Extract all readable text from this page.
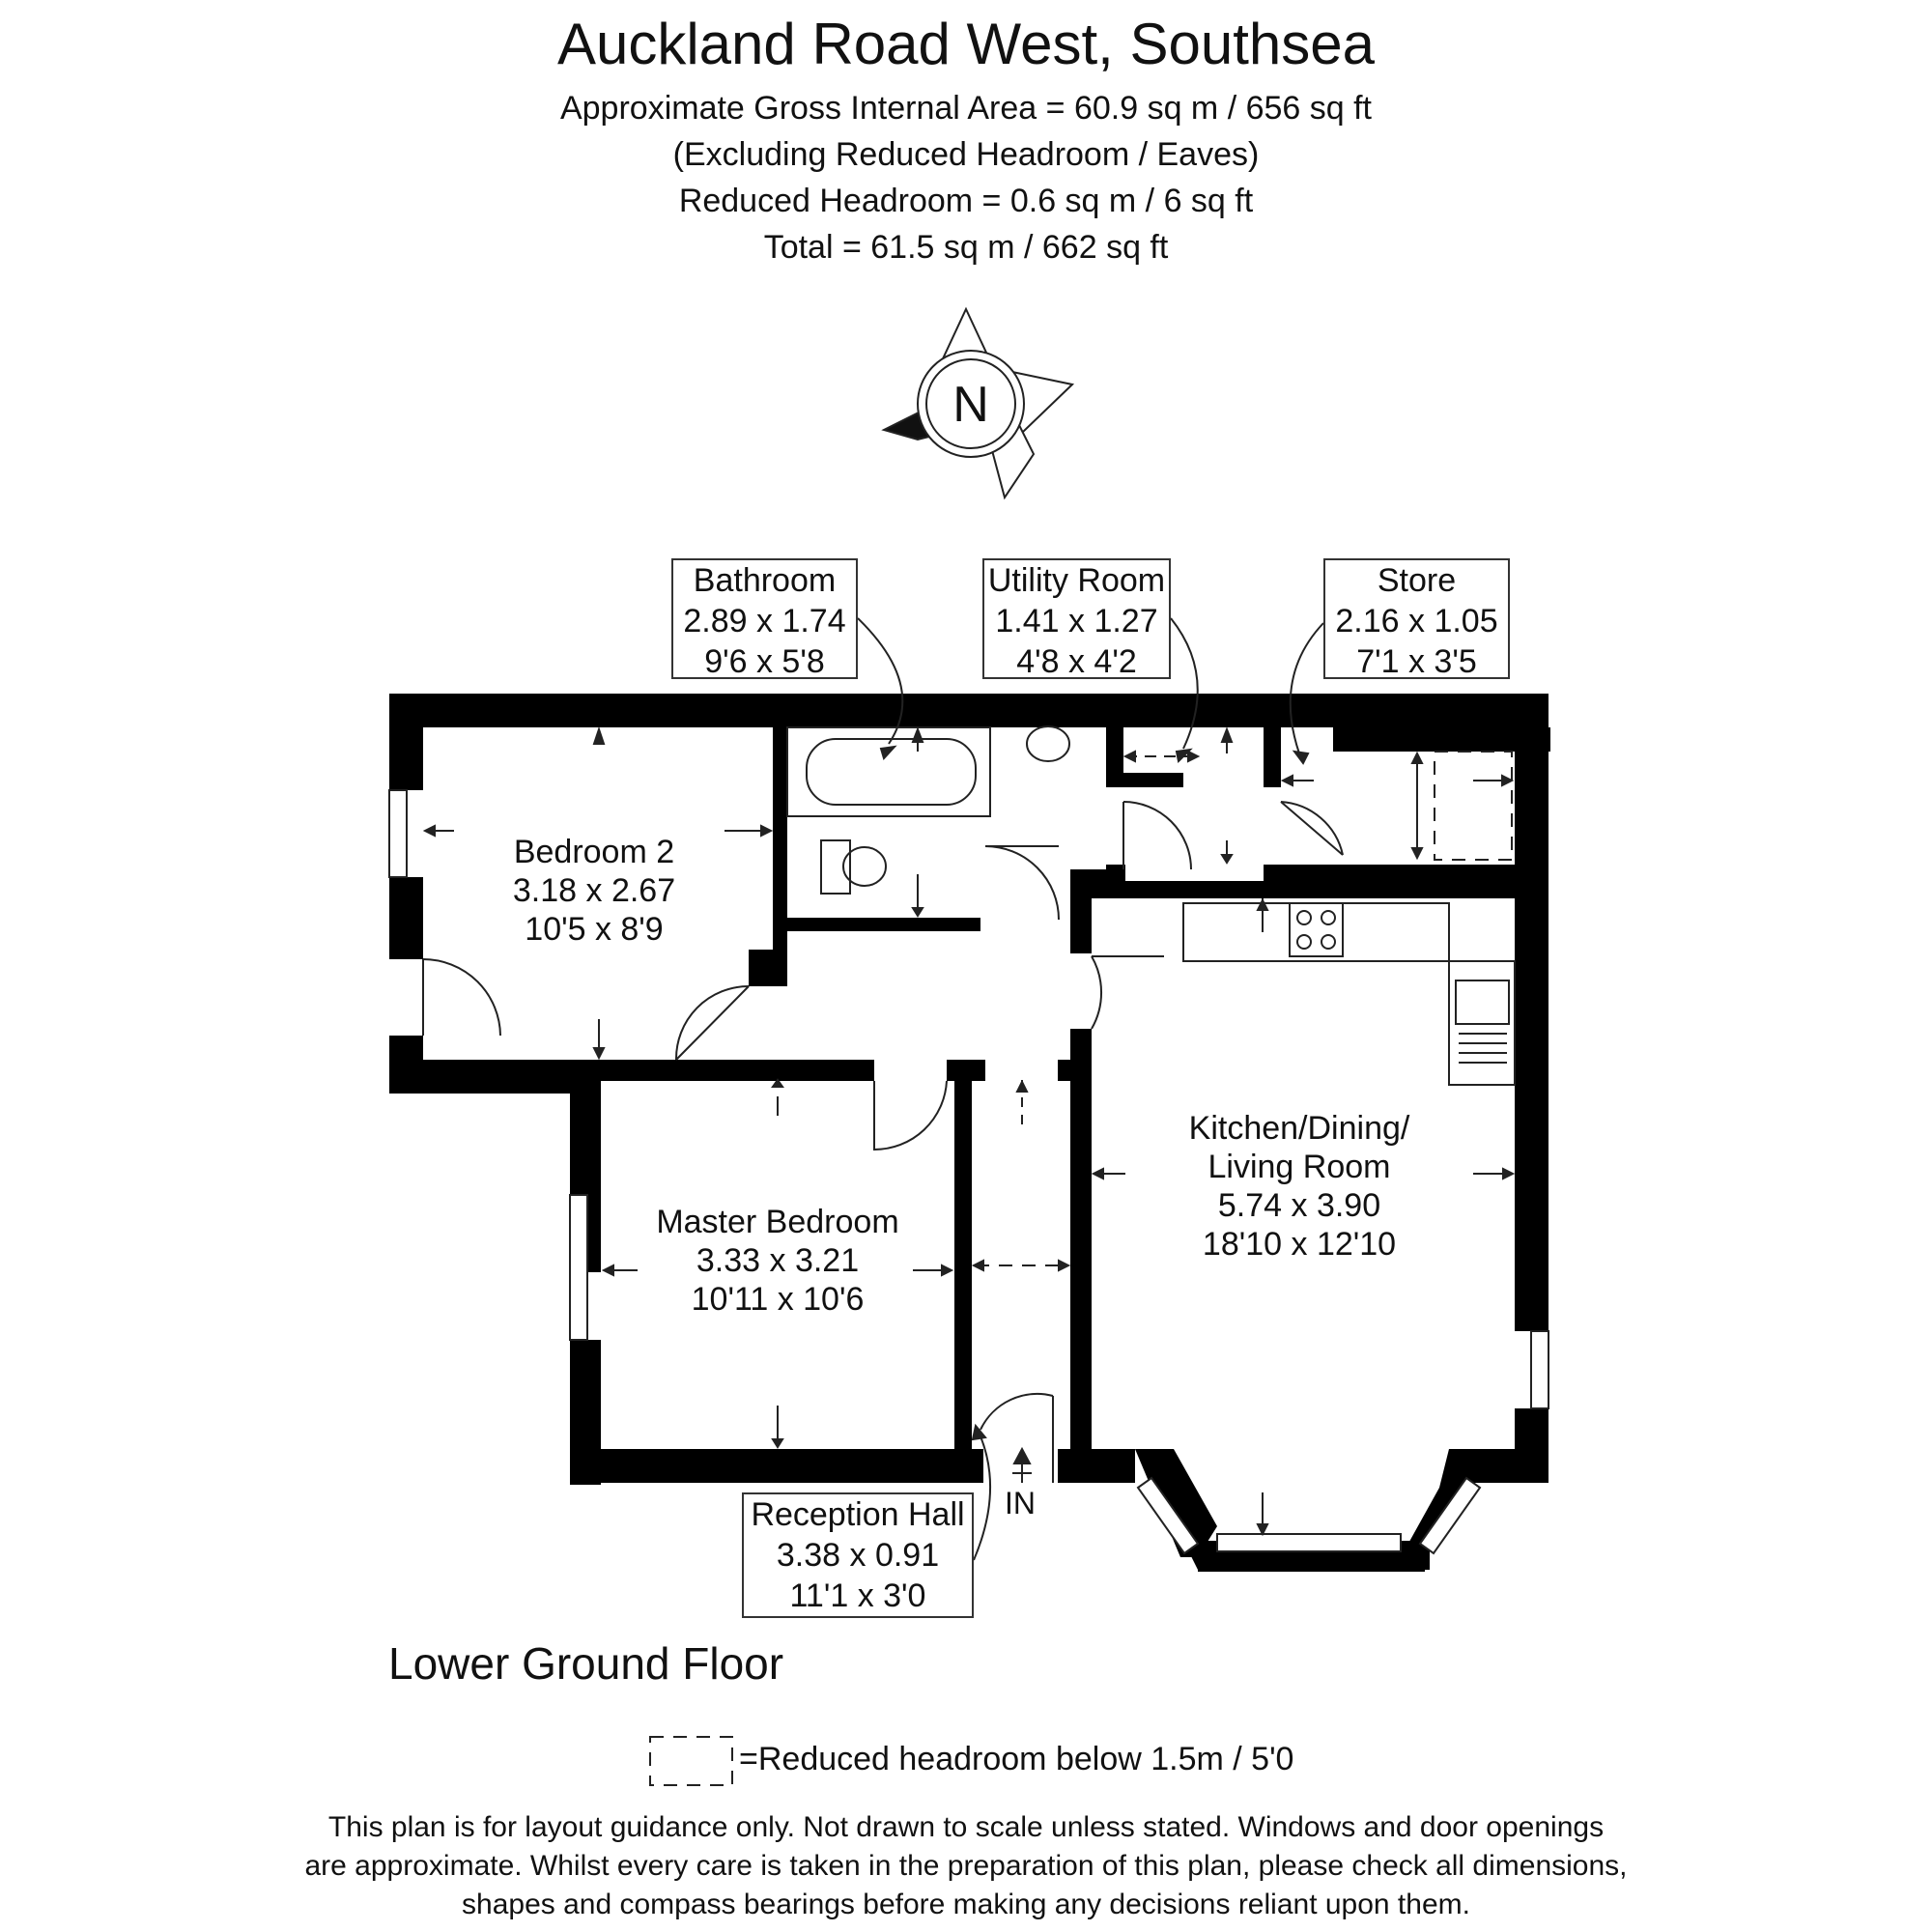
Auckland Road West, Southsea
Approximate Gross Internal Area = 60.9 sq m / 656 sq ft
(Excluding Reduced Headroom / Eaves)
Reduced Headroom = 0.6 sq m / 6 sq ft
Total = 61.5 sq m / 662 sq ft
N
Bathroom
2.89 x 1.74
9'6 x 5'8
Utility Room
1.41 x 1.27
4'8 x 4'2
Store
2.16 x 1.05
7'1 x 3'5
Reception Hall
3.38 x 0.91
11'1 x 3'0
Bedroom 2
3.18 x 2.67
10'5 x 8'9
Master Bedroom
3.33 x 3.21
10'11 x 10'6
Kitchen/Dining/
Living Room
5.74 x 3.90
18'10 x 12'10
IN
Lower Ground Floor
=Reduced headroom below 1.5m / 5'0
This plan is for layout guidance only. Not drawn to scale unless stated. Windows and door openings
are approximate. Whilst every care is taken in the preparation of this plan, please check all dimensions,
shapes and compass bearings before making any decisions reliant upon them.
